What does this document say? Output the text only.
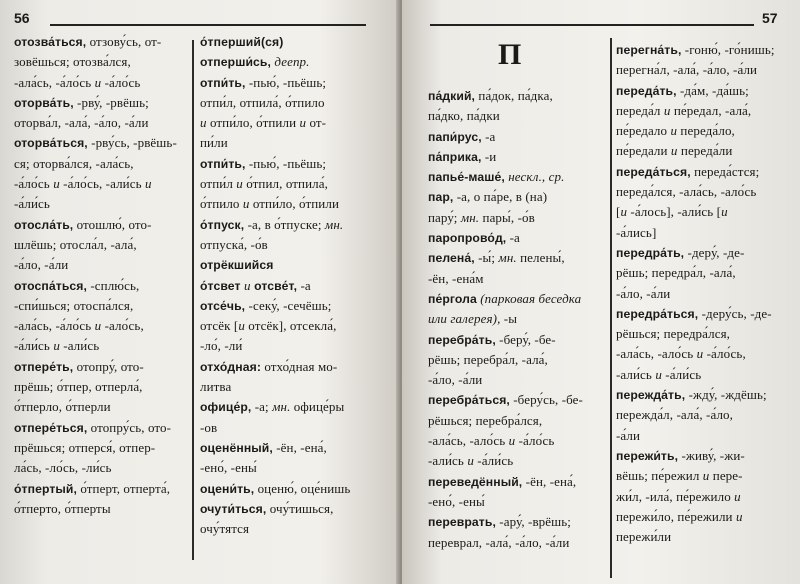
56
отозва́ться, отзову́сь, от-
зовёшься; отозва́лся,
-ала́сь, -а́ло́сь и -а́ло́сь
оторва́ть, -рву́, -рвёшь;
оторва́л, -ала́, -а́ло, -а́ли
оторва́ться, -рву́сь, -рвёшь-
ся; оторва́лся, -ала́сь,
-а́ло́сь и -а́ло́сь, -али́сь и
-а́ли́сь
отосла́ть, отошлю́, ото-
шлёшь; отосла́л, -ала́,
-а́ло, -а́ли
отоспа́ться, -сплю́сь,
-спи́шься; отоспа́лся,
-ала́сь, -а́ло́сь и -ало́сь,
-а́ли́сь и -али́сь
отпере́ть, отопру́, ото-
прёшь; о́тпер, отперла́,
о́тперло, о́тперли
отпере́ться, отопру́сь, ото-
прёшься; отперся́, отпер-
ла́сь, -ло́сь, -ли́сь
о́тпертый, о́тперт, отперта́,
о́тперто, о́тперты
о́тперший(ся)
отперши́сь, деепр.
отпи́ть, -пью́, -пьёшь;
отпи́л, отпила́, о́тпило
и отпи́ло, о́тпили и от-
пи́ли
отпи́ть, -пью́, -пьёшь;
отпи́л и о́тпил, отпила́,
о́тпило и отпи́ло, о́тпили
о́тпуск, -а, в о́тпуске; мн.
отпуска́, -о́в
отрёкшийся
о́тсвет и отсве́т, -а
отсе́чь, -секу́, -сечёшь;
отсёк [и отсёк], отсекла́,
-ло́, -ли́
отхо́дная: отхо́дная мо-
литва
офице́р, -а; мн. офице́ры
-ов
оценённый, -ён, -ена́,
-ено́, -ены́
оцени́ть, оценю́, оце́нишь
очути́ться, очу́тишься,
очу́тятся
57
П
па́дкий, па́док, па́дка,
па́дко, па́дки
папи́рус, -а
па́прика, -и
папье́-маше́, нескл., ср.
пар, -а, о па́ре, в (на)
пару́; мн. пары́, -о́в
паропрово́д, -а
пелена́, -ы́; мн. пелены́,
-ён, -ена́м
пе́ргола (парковая беседка
или галерея), -ы
перебра́ть, -беру́, -бе-
рёшь; перебра́л, -ала́,
-а́ло, -а́ли
перебра́ться, -беру́сь, -бе-
рёшься; перебра́лся,
-ала́сь, -ало́сь и -а́ло́сь
-али́сь и -а́ли́сь
переведённый, -ён, -ена́,
-ено́, -ены́
переврать, -ару́, -врёшь;
переврал, -ала́, -а́ло, -а́ли
перегна́ть, -гоню́, -го́нишь;
перегна́л, -ала́, -а́ло, -а́ли
переда́ть, -да́м, -да́шь;
переда́л и пе́редал, -ала́,
пе́редало и переда́ло,
пе́редали и переда́ли
переда́ться, переда́стся;
переда́лся, -ала́сь, -ало́сь
[и -а́лось], -али́сь [и
-а́лись]
передра́ть, -деру́, -де-
рёшь; передра́л, -ала́,
-а́ло, -а́ли
передра́ться, -деру́сь, -де-
рёшься; передра́лся,
-ала́сь, -ало́сь и -а́ло́сь,
-али́сь и -а́ли́сь
пережда́ть, -жду́, -ждёшь;
пережда́л, -ала́, -а́ло,
-а́ли
пережи́ть, -живу́, -жи-
вёшь; пе́режил и пере-
жи́л, -ила́, пе́режило и
пережи́ло, пе́режили и
пережи́ли
